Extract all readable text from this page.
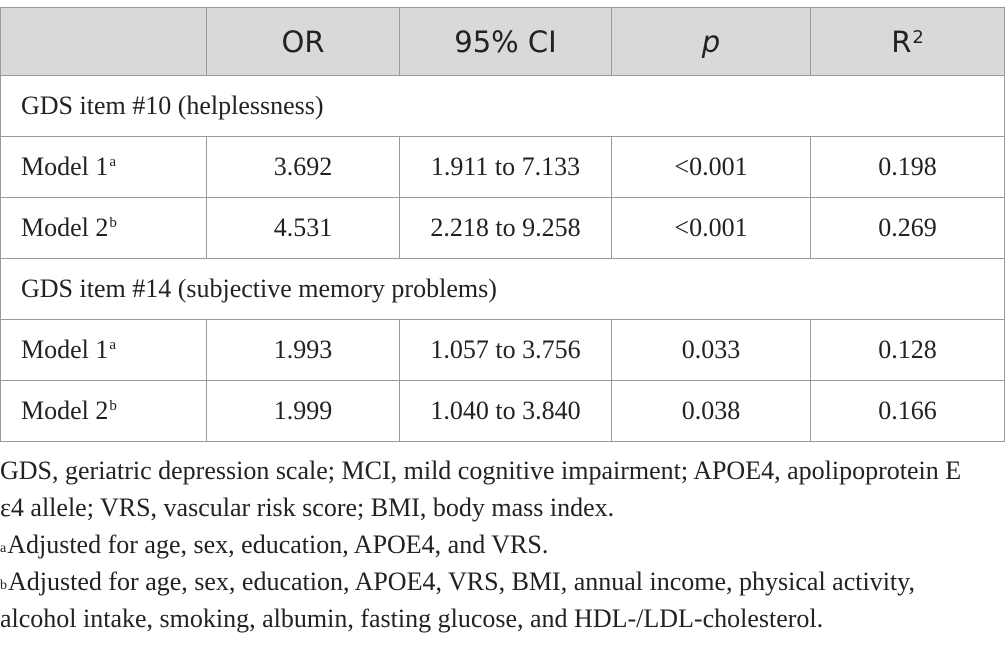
	OR	95% CI	p	$R^2$
GDS item #10 (helplessness)				
Model 1$^a$	3.692	1.911 to 7.133	<0.001	0.198
Model 2$^b$	4.531	2.218 to 9.258	<0.001	0.269
GDS item #14 (subjective memory problems)				
Model 1$^a$	1.993	1.057 to 3.756	0.033	0.128
Model 2$^b$	1.999	1.040 to 3.840	0.038	0.166

GDS, geriatric depression scale; MCI, mild cognitive impairment; APOE4, apolipoprotein E

ε4 allele; VRS, vascular risk score; BMI, body mass index.

$^a$Adjusted for age, sex, education, APOE4, and VRS.

$^b$Adjusted for age, sex, education, APOE4, VRS, BMI, annual income, physical activity,

alcohol intake, smoking, albumin, fasting glucose, and HDL-/LDL-cholesterol.
